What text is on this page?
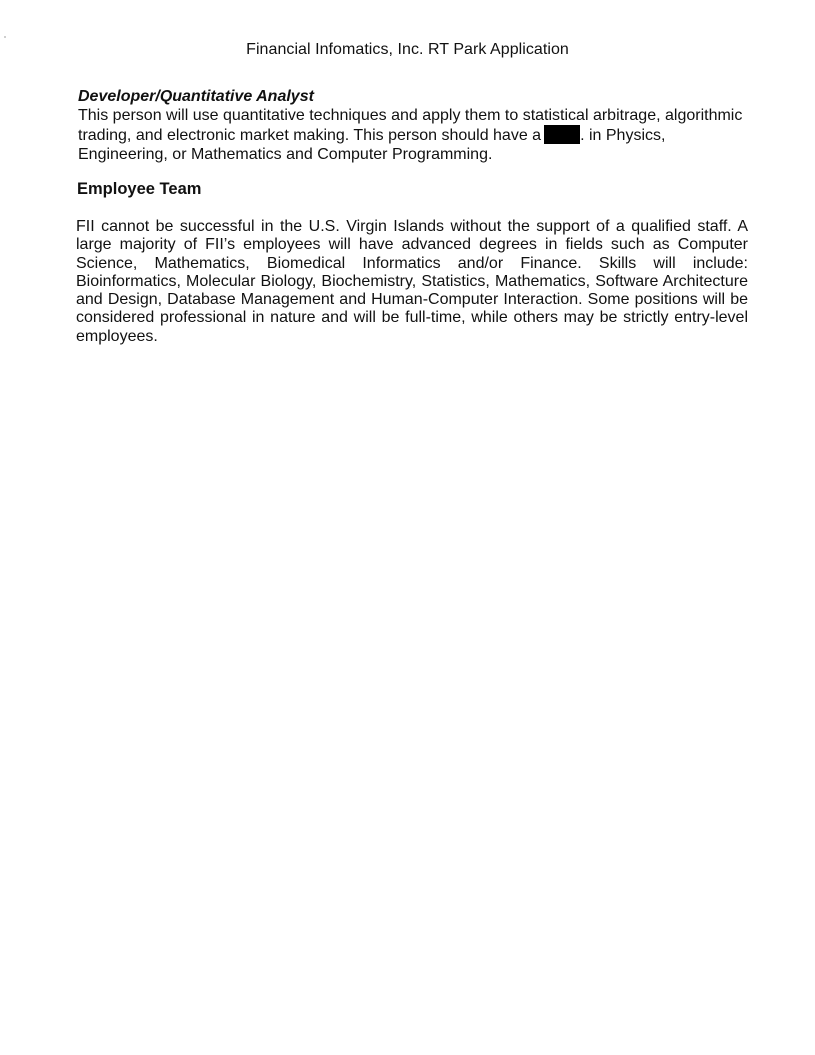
Financial Infomatics, Inc. RT Park Application
Developer/Quantitative Analyst
This person will use quantitative techniques and apply them to statistical arbitrage, algorithmic
trading, and electronic market making. This person should have a . in Physics,
Engineering, or Mathematics and Computer Programming.
Employee Team
FII cannot be successful in the U.S. Virgin Islands without the support of a qualified staff. A
large majority of FII’s employees will have advanced degrees in fields such as Computer
Science, Mathematics, Biomedical Informatics and/or Finance. Skills will include:
Bioinformatics, Molecular Biology, Biochemistry, Statistics, Mathematics, Software Architecture
and Design, Database Management and Human-Computer Interaction. Some positions will be
considered professional in nature and will be full-time, while others may be strictly entry-level
employees.
